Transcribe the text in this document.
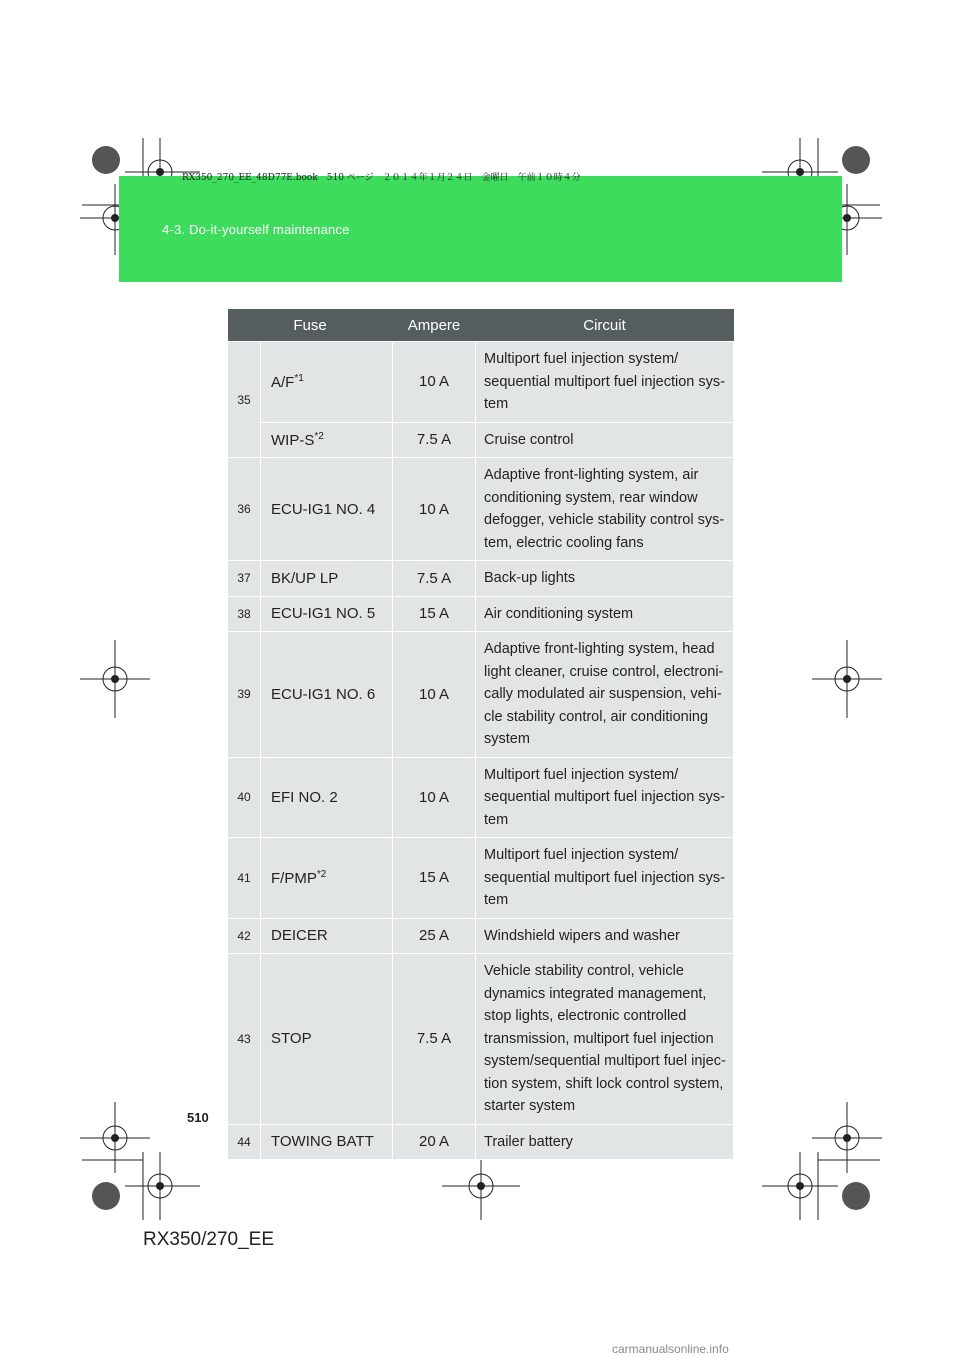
RX350_270_EE_48D77E.book　510 ページ　２０１４年１月２４日　金曜日　午前１０時４分
4-3. Do-it-yourself maintenance
Fuse		Ampere	Circuit
35	$A/F^{*1}$	10 A	Multiport fuel injection system/ sequential multiport fuel injection sys-tem
	WIP-$S^{*2}$	7.5 A	Cruise control
36	ECU-IG1 NO. 4	10 A	Adaptive front-lighting system, air conditioning system, rear window defogger, vehicle stability control sys-tem, electric cooling fans
37	BK/UP LP	7.5 A	Back-up lights
38	ECU-IG1 NO. 5	15 A	Air conditioning system
39	ECU-IG1 NO. 6	10 A	Adaptive front-lighting system, head light cleaner, cruise control, electroni-cally modulated air suspension, vehi-cle stability control, air conditioning system
40	EFI NO. 2	10 A	Multiport fuel injection system/ sequential multiport fuel injection sys-tem
41	F/PMP$^{*2}$	15 A	Multiport fuel injection system/ sequential multiport fuel injection sys-tem
42	DEICER	25 A	Windshield wipers and washer
43	STOP	7.5 A	Vehicle stability control, vehicle dynamics integrated management, stop lights, electronic controlled transmission, multiport fuel injection system/sequential multiport fuel injec-tion system, shift lock control system, starter system
44	TOWING BATT	20 A	Trailer battery
510
RX350/270_EE
carmanualsonline.info
